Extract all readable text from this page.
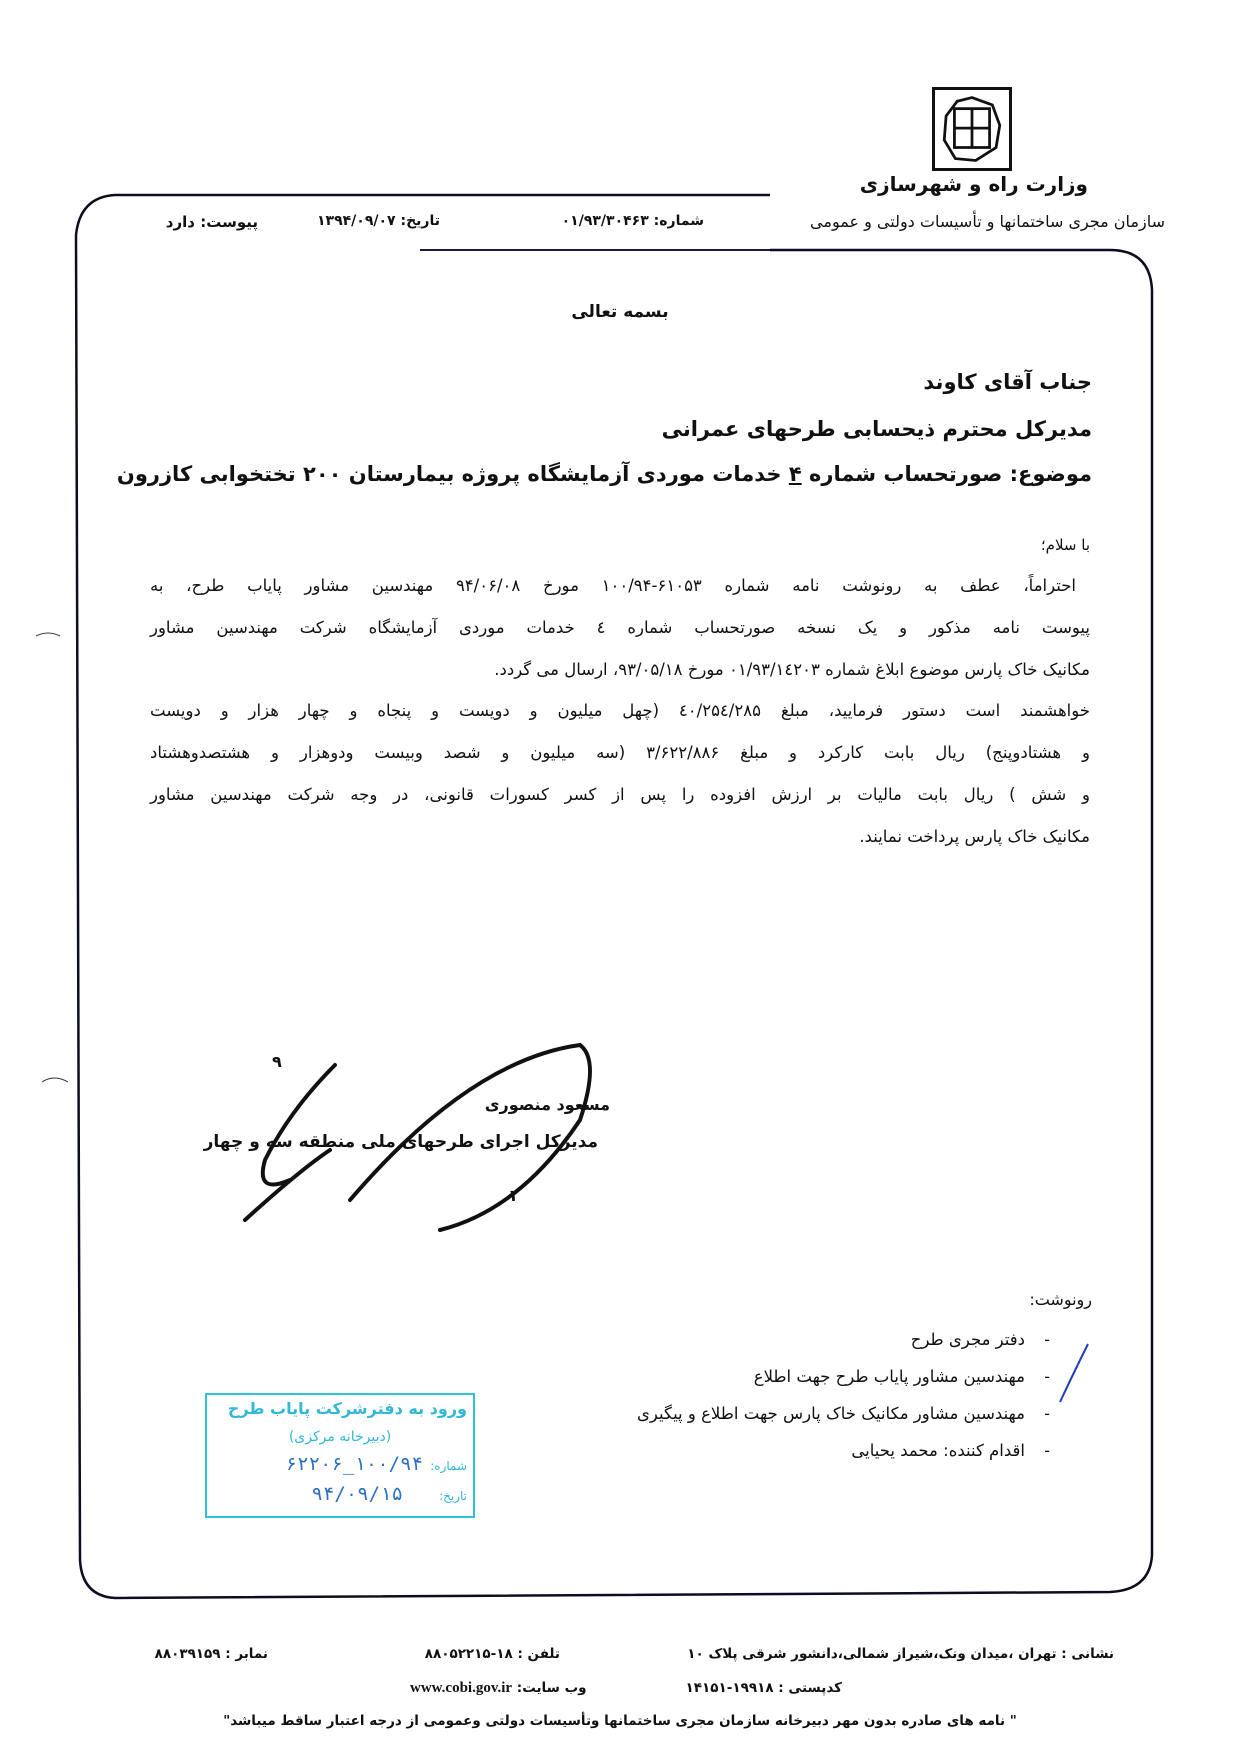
وزارت راه و شهرسازی
سازمان مجری ساختمانها و تأسیسات دولتی و عمومی
شماره: ۰۱/۹۳/۳۰۴۶۳
تاریخ: ۱۳۹۴/۰۹/۰۷
پیوست: دارد
بسمه تعالی
جناب آقای کاوند
مدیرکل محترم ذیحسابی طرحهای عمرانی
موضوع: صورتحساب شماره ۴ خدمات موردی آزمایشگاه پروژه بیمارستان ۲۰۰ تختخوابی کازرون
با سلام؛
احتراماً، عطف به رونوشت نامه شماره ۶۱۰۵۳-۱۰۰/۹۴ مورخ ۹۴/۰۶/۰۸ مهندسین مشاور پایاب طرح، به
پیوست نامه مذکور و یک نسخه صورتحساب شماره ٤ خدمات موردی آزمایشگاه شرکت مهندسین مشاور
مکانیک خاک پارس موضوع ابلاغ شماره ۰۱/۹۳/۱٤۲۰۳ مورخ ۹۳/۰۵/۱۸، ارسال می گردد.
خواهشمند است دستور فرمایید، مبلغ ٤۰/۲۵٤/۲۸۵ (چهل میلیون و دویست و پنجاه و چهار هزار و دویست
و هشتادوپنج) ریال بابت کارکرد و مبلغ ۳/۶۲۲/۸۸۶ (سه میلیون و شصد وبیست ودوهزار و هشتصدوهشتاد
و شش ) ریال بابت مالیات بر ارزش افزوده را پس از کسر کسورات قانونی، در وجه شرکت مهندسین مشاور
مکانیک خاک پارس پرداخت نمایند.
۹
مسعود منصوری
مدیرکل اجرای طرحهای ملی منطقه سه و چهار
۱
رونوشت:
-
دفتر مجری طرح
-
مهندسین مشاور پایاب طرح جهت اطلاع
-
مهندسین مشاور مکانیک خاک پارس جهت اطلاع و پیگیری
-
اقدام کننده: محمد یحیایی
ورود به دفترشرکت پایاب طرح
(دبیرخانه مرکزی)
شماره:
۱۰۰/۹۴_۶۲۲۰۶
تاریخ:
۹۴/۰۹/۱۵
نشانی : تهران ،میدان ونک،شیراز شمالی،دانشور شرقی پلاک ۱۰
تلفن : ۱۸-۸۸۰۵۲۲۱۵
نمابر : ۸۸۰۳۹۱۵۹
کدپستی : ۱۹۹۱۸-۱۴۱۵۱
وب سایت: www.cobi.gov.ir
" نامه های صادره بدون مهر دبیرخانه سازمان مجری ساختمانها وتأسیسات دولتی وعمومی از درجه اعتبار ساقط میباشد"
